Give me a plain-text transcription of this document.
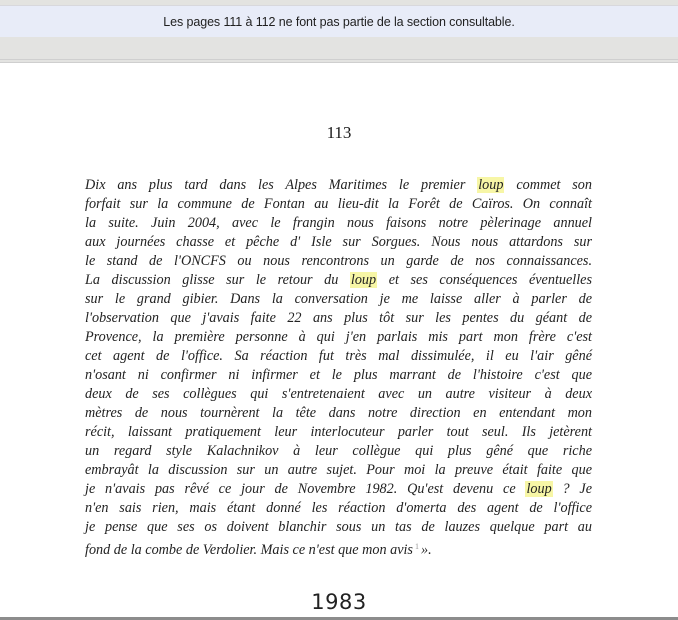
Les pages 111 à 112 ne font pas partie de la section consultable.
113
Dix ans plus tard dans les Alpes Maritimes le premier loup commet son
forfait sur la commune de Fontan au lieu-dit la Forêt de Caïros. On connaît
la suite. Juin 2004, avec le frangin nous faisons notre pèlerinage annuel
aux journées chasse et pêche d' Isle sur Sorgues. Nous nous attardons sur
le stand de l'ONCFS ou nous rencontrons un garde de nos connaissances.
La discussion glisse sur le retour du loup et ses conséquences éventuelles
sur le grand gibier. Dans la conversation je me laisse aller à parler de
l'observation que j'avais faite 22 ans plus tôt sur les pentes du géant de
Provence, la première personne à qui j'en parlais mis part mon frère c'est
cet agent de l'office. Sa réaction fut très mal dissimulée, il eu l'air gêné
n'osant ni confirmer ni infirmer et le plus marrant de l'histoire c'est que
deux de ses collègues qui s'entretenaient avec un autre visiteur à deux
mètres de nous tournèrent la tête dans notre direction en entendant mon
récit, laissant pratiquement leur interlocuteur parler tout seul. Ils jetèrent
un regard style Kalachnikov à leur collègue qui plus gêné que riche
embrayât la discussion sur un autre sujet. Pour moi la preuve était faite que
je n'avais pas rêvé ce jour de Novembre 1982. Qu'est devenu ce loup ? Je
n'en sais rien, mais étant donné les réaction d'omerta des agent de l'office
je pense que ses os doivent blanchir sous un tas de lauzes quelque part au
fond de la combe de Verdolier. Mais ce n'est que mon avis $^1$ ».
1983
